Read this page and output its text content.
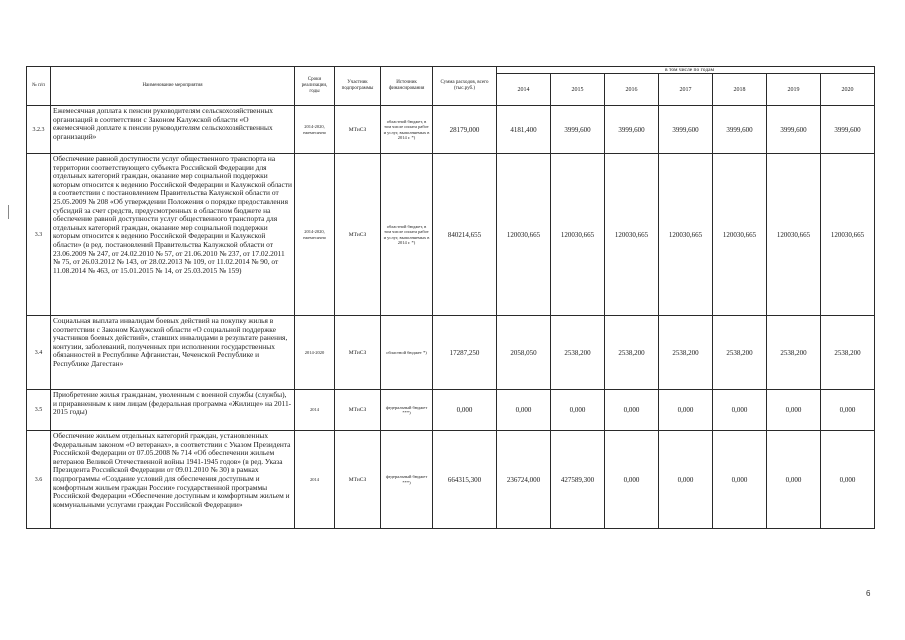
№ п/п	Наименование мероприятия	Сроки реализации, годы	Участник подпрограммы	Источник финансирования	Сумма расходов, всего (тыс.руб.)	в том числе по годам						
						2014	2015	2016	2017	2018	2019	2020
3.2.3	Ежемесячная доплата к пенсии руководителям сельскохозяйственных организаций в соответствии с Законом Калужской области «О ежемесячной доплате к пенсии руководителям сельскохозяйственных организаций»	2014-2020, ежемесячно	МТиСЗ	областной бюджет, в том числе оплата работ и услуг, выполняемых в 2014 г. *)	28179,000	4181,400	3999,600	3999,600	3999,600	3999,600	3999,600	3999,600
3.3	Обеспечение равной доступности услуг общественного транспорта на территории соответствующего субъекта Российской Федерации для отдельных категорий граждан, оказание мер социальной поддержки которым относится к ведению Российской Федерации и Калужской области в соответствии с постановлением Правительства Калужской области от 25.05.2009 № 208 «Об утверждении Положения о порядке предоставления субсидий за счет средств, предусмотренных в областном бюджете на обеспечение равной доступности услуг общественного транспорта для отдельных категорий граждан, оказание мер социальной поддержки которым относится к ведению Российской Федерации и Калужской области» (в ред. постановлений Правительства Калужской области от 23.06.2009 № 247, от 24.02.2010 № 57, от 21.06.2010 № 237, от 17.02.2011 № 75, от 26.03.2012 № 143, от 28.02.2013 № 109, от 11.02.2014 № 90, от 11.08.2014 № 463, от 15.01.2015 № 14, от 25.03.2015 № 159)	2014-2020, ежемесячно	МТиСЗ	областной бюджет, в том числе оплата работ и услуг, выполняемых в 2014 г. *)	840214,655	120030,665	120030,665	120030,665	120030,665	120030,665	120030,665	120030,665
3.4	Социальная выплата инвалидам боевых действий на покупку жилья в соответствии с Законом Калужской области «О социальной поддержке участников боевых действий», ставших инвалидами в результате ранения, контузии, заболеваний, полученных при исполнении государственных обязанностей в Республике Афганистан, Чеченской Республике и Республике Дагестан»	2014-2020	МТиСЗ	областной бюджет *)	17287,250	2058,050	2538,200	2538,200	2538,200	2538,200	2538,200	2538,200
3.5	Приобретение жилья гражданам, уволенным с военной службы (службы), и приравненным к ним лицам (федеральная программа «Жилище» на 2011-2015 годы)	2014	МТиСЗ	федеральный бюджет ***)	0,000	0,000	0,000	0,000	0,000	0,000	0,000	0,000
3.6	Обеспечение жильем отдельных категорий граждан, установленных Федеральным законом «О ветеранах», в соответствии с Указом Президента Российской Федерации от 07.05.2008 № 714 «Об обеспечении жильем ветеранов Великой Отечественной войны 1941-1945 годов» (в ред. Указа Президента Российской Федерации от 09.01.2010 № 30) в рамках подпрограммы «Создание условий для обеспечения доступным и комфортным жильем граждан России» государственной программы Российской Федерации «Обеспечение доступным и комфортным жильем и коммунальными услугами граждан Российской Федерации»	2014	МТиСЗ	федеральный бюджет ***)	664315,300	236724,000	427589,300	0,000	0,000	0,000	0,000	0,000
6
